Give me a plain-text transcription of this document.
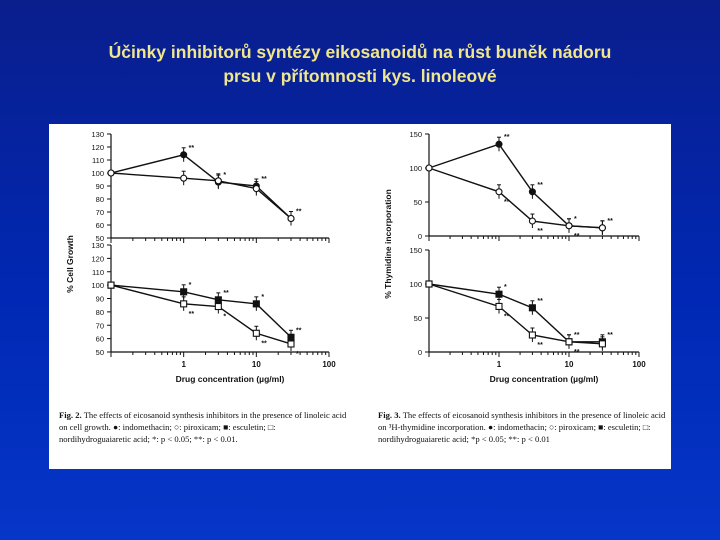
Účinky inhibitorů syntézy eikosanoidů na růst buněk nádoru
prsu v přítomnosti kys. linoleové
130
120
110
100
90
80
70
60
50
% Cell Growth
**
*
**
**
130
120
110
100
90
80
70
60
50
1	10	100
Drug concentration (µg/ml)
*
**
*
**
**	*
**
*
150
100
50
0
% Thymidine incorporation
**
**
*	**
**
**
**
150
100
50
0
1	10	100
Drug concentration (µg/ml)
*
**
**	**
**
**
**
Fig. 2. The effects of eicosanoid synthesis inhibitors in the presence of linoleic acid on cell growth. ●: indomethacin; ○: piroxicam; ■: esculetin; □: nordihydroguaiaretic acid; *: p < 0.05; **: p < 0.01.
Fig. 3. The effects of eicosanoid synthesis inhibitors in the presence of linoleic acid on ³H-thymidine incorporation. ●: indomethacin; ○: piroxicam; ■: esculetin; □: nordihydroguaiaretic acid; *p < 0.05; **: p < 0.01
